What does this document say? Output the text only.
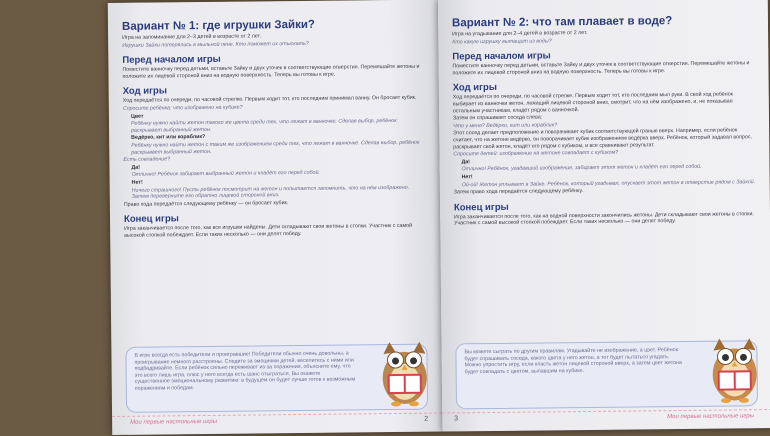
Вариант № 1: где игрушки Зайки?

Игра на запоминание для 2–3 детей в возрасте от 2 лет.

Игрушки Зайки потерялись в мыльной пене. Кто поможет их отыскать?

Перед началом игры

Поместите ванночку перед детьми, вставьте Зайку и двух уточек в соответствующие отверстия. Перемешайте жетоны и положите их лицевой стороной вниз на водную поверхность. Теперь вы готовы к игре.

Ход игры

Ход передаётся по очереди, по часовой стрелке. Первым ходит тот, кто последним принимал ванну. Он бросает кубик.

Спросите ребёнка: что изображено на кубике?

Цвет

Ребёнку нужно найти жетон такого же цвета среди тех, что лежат в ванночке. Сделав выбор, ребёнок раскрывает выбранный жетон.

Ведёрко, кит или кораблик?

Ребёнку нужно найти жетон с таким же изображением среди тех, что лежат в ванночке. Сделав выбор, ребёнок раскрывает выбранный жетон.

Есть совпадение?

Да!

Отлично! Ребёнок забирает выбранный жетон и кладёт его перед собой.

Нет!

Ничего страшного! Пусть ребёнок посмотрит на жетон и попытается запомнить, что на нём изображено. Затем переверните его обратно лицевой стороной вниз.

Право хода передаётся следующему ребёнку — он бросает кубик.

Конец игры

Игра заканчивается после того, как все игрушки найдены. Дети складывают свои жетоны в стопки. Участник с самой высокой стопкой побеждает. Если таких несколько — они делят победу.

В игре всегда есть победители и проигравшие! Победители обычно очень довольны, а проигрывание немного расстроены. Следите за эмоциями детей, веселитесь с ними или подбадривайте. Если ребёнок сильно переживает из-за поражения, объясните ему, что это всего лишь игра, плюс у него всегда есть шанс отыграться. Вы окажете существенное эмоциональному развитию: в будущем он будет лучше готов к возможным поражениям и победам.

Мои первые настольные игры	2
Вариант № 2: что там плавает в воде?

Игра на угадывание для 2–4 детей в возрасте от 2 лет.

Кто какую игрушку вытащит из воды?

Перед началом игры

Поместите ванночку перед детьми, вставьте Зайку и двух уточек в соответствующие отверстия. Перемешайте жетоны и положите их лицевой стороной вниз на водную поверхность. Теперь вы готовы к игре.

Ход игры

Ход передаётся по очереди, по часовой стрелке. Первым ходит тот, кто последним мыл руки. В свой ход ребёнок выбирает из ванночки жетон, лежащий лицевой стороной вниз, смотрит, что на нём изображено, и, не показывая остальным участникам, кладёт рядом с ванночкой.

Затем он спрашивает соседа слева:

Что у меня? Ведёрко, кит или кораблик?

Этот сосед делает предположение и поворачивает кубик соответствующей гранью вверх. Например, если ребёнок считает, что на жетоне ведёрко, он поворачивает кубик изображением ведёрка вверх. Ребёнок, который задавал вопрос, раскрывает свой жетон, кладёт его рядом с кубиком, и все сравнивают результат.

Спросите детей: изображение на жетоне совпадает с кубиком?

Да!

Отлично! Ребёнок, угадавший изображение, забирает этот жетон и кладёт его перед собой.

Нет!

Ой-ой! Жетон уплывает в Зайке. Ребёнок, который угадывал, опускает этот жетон в отверстие рядом с Зайкой.

Затем право хода передаётся следующему ребёнку.

Конец игры

Игра заканчивается после того, как на водной поверхности закончились жетоны. Дети складывают свои жетоны в стопки. Участник с самой высокой стопкой побеждает. Если таких несколько — они делят победу.

Вы можете сыграть по другим правилам. Угадывайте не изображение, а цвет. Ребёнок будет спрашивать соседа, какого цвета у него жетон, а тот будет пытаться угадать. Можно упростить игру, если класть жетон лицевой стороной вверх, а затем цвет жетона будет совпадать с цветом, выпавшим на кубике.

3	Мои первые настольные игры
